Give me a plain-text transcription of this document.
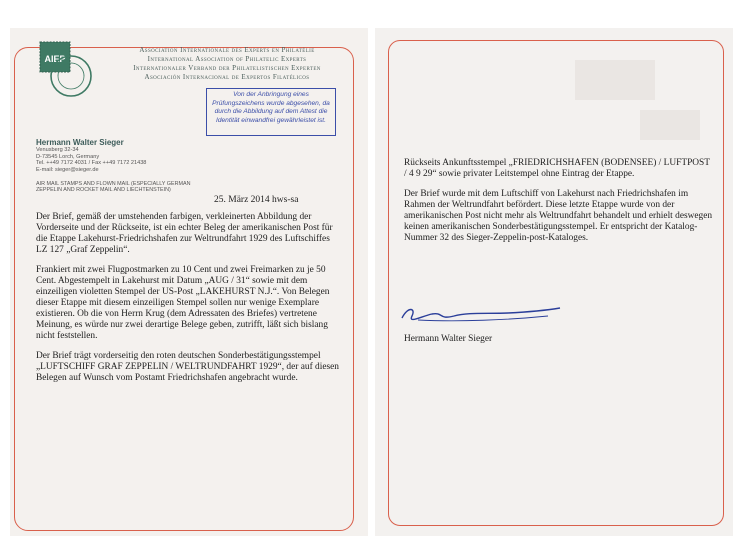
AIEP
Association Internationale des Experts en Philatélie
International Association of Philatelic Experts
Internationaler Verband der Philatelistischen Experten
Asociación Internacional de Expertos Filatélicos
Von der Anbringung eines Prüfungszeichens wurde abgesehen, da durch die Abbildung auf dem Attest die Identität einwandfrei gewährleistet ist.
Hermann Walter Sieger
Venusberg 32-34
D-73545 Lorch, Germany
Tel. ++49 7172 4031 / Fax ++49 7172 21438
E-mail: sieger@sieger.de
AIR MAIL STAMPS AND FLOWN MAIL (ESPECIALLY GERMAN ZEPPELIN AND ROCKET MAIL AND LIECHTENSTEIN)
25. März 2014 hws-sa

Der Brief, gemäß der umstehenden farbigen, verkleinerten Abbildung der Vorderseite und der Rückseite, ist ein echter Beleg der amerikanischen Post für die Etappe Lakehurst-Friedrichshafen zur Weltrundfahrt 1929 des Luftschiffes LZ 127 „Graf Zeppelin“.

Frankiert mit zwei Flugpostmarken zu 10 Cent und zwei Freimarken zu je 50 Cent. Abgestempelt in Lakehurst mit Datum „AUG / 31“ sowie mit dem einzeiligen violetten Stempel der US-Post „LAKEHURST N.J.“. Von Belegen dieser Etappe mit diesem einzeiligen Stempel sollen nur wenige Exemplare existieren. Ob die von Herrn Krug (dem Adressaten des Briefes) vertretene Meinung, es würde nur zwei derartige Belege geben, zutrifft, läßt sich bislang nicht feststellen.

Der Brief trägt vorderseitig den roten deutschen Sonderbestätigungsstempel „LUFTSCHIFF GRAF ZEPPELIN / WELTRUNDFAHRT 1929“, der auf diesen Belegen auf Wunsch vom Postamt Friedrichshafen angebracht wurde.

Rückseits Ankunftsstempel „FRIEDRICHSHAFEN (BODENSEE) / LUFTPOST / 4 9 29“ sowie privater Leitstempel ohne Eintrag der Etappe.

Der Brief wurde mit dem Luftschiff von Lakehurst nach Friedrichshafen im Rahmen der Weltrundfahrt befördert. Diese letzte Etappe wurde von der amerikanischen Post nicht mehr als Weltrundfahrt behandelt und erhielt deswegen keinen amerikanischen Sonderbestätigungsstempel. Er entspricht der Katalog-Nummer 32 des Sieger-Zeppelin-post-Kataloges.

Hermann Walter Sieger
